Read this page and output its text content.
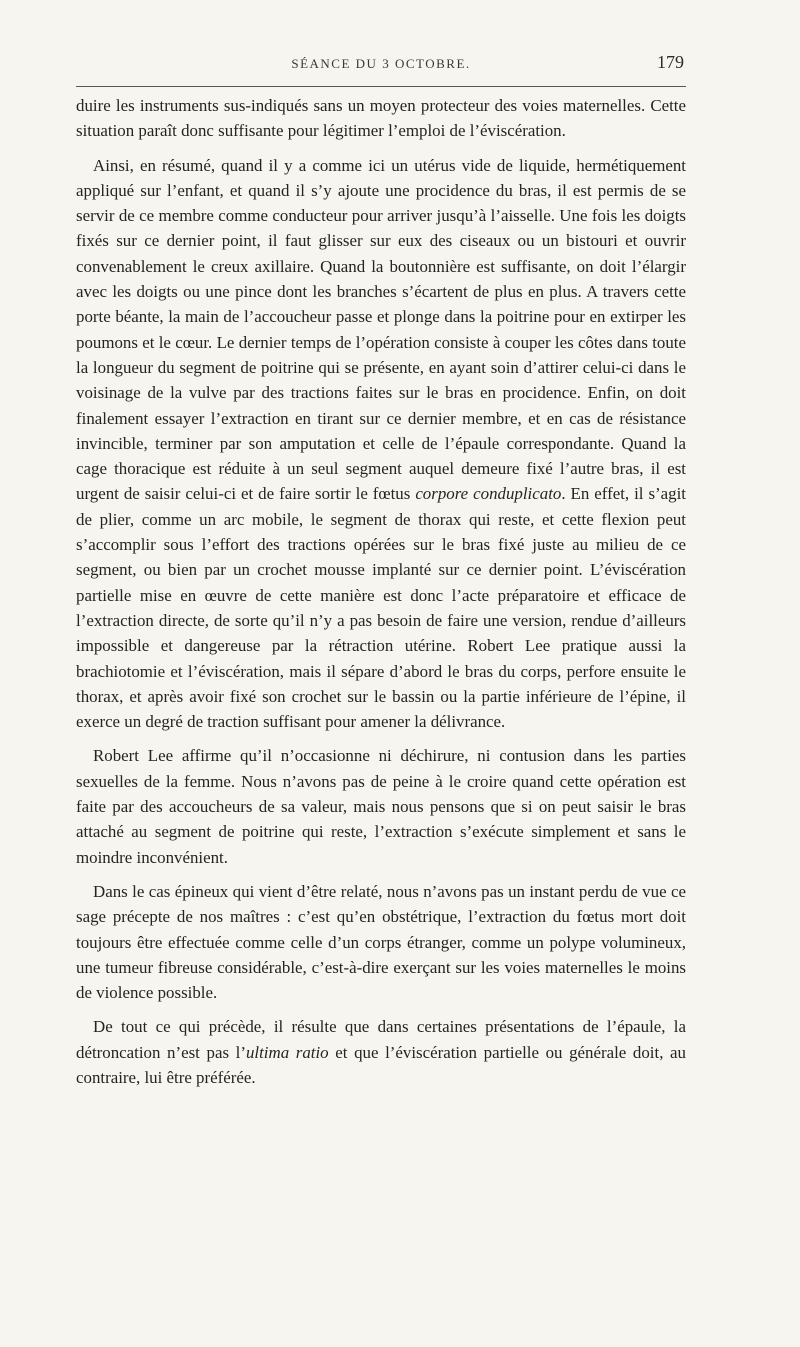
SÉANCE DU 3 OCTOBRE.	179

duire les instruments sus-indiqués sans un moyen protecteur des voies maternelles. Cette situation paraît donc suffisante pour légitimer l’emploi de l’éviscération.

Ainsi, en résumé, quand il y a comme ici un utérus vide de liquide, hermétiquement appliqué sur l’enfant, et quand il s’y ajoute une procidence du bras, il est permis de se servir de ce membre comme conducteur pour arriver jusqu’à l’aisselle. Une fois les doigts fixés sur ce dernier point, il faut glisser sur eux des ciseaux ou un bistouri et ouvrir convenablement le creux axillaire. Quand la boutonnière est suffisante, on doit l’élargir avec les doigts ou une pince dont les branches s’écartent de plus en plus. A travers cette porte béante, la main de l’accoucheur passe et plonge dans la poitrine pour en extirper les poumons et le cœur. Le dernier temps de l’opération consiste à couper les côtes dans toute la longueur du segment de poitrine qui se présente, en ayant soin d’attirer celui-ci dans le voisinage de la vulve par des tractions faites sur le bras en procidence. Enfin, on doit finalement essayer l’extraction en tirant sur ce dernier membre, et en cas de résistance invincible, terminer par son amputation et celle de l’épaule correspondante. Quand la cage thoracique est réduite à un seul segment auquel demeure fixé l’autre bras, il est urgent de saisir celui-ci et de faire sortir le fœtus corpore conduplicato. En effet, il s’agit de plier, comme un arc mobile, le segment de thorax qui reste, et cette flexion peut s’accomplir sous l’effort des tractions opérées sur le bras fixé juste au milieu de ce segment, ou bien par un crochet mousse implanté sur ce dernier point. L’éviscération partielle mise en œuvre de cette manière est donc l’acte préparatoire et efficace de l’extraction directe, de sorte qu’il n’y a pas besoin de faire une version, rendue d’ailleurs impossible et dangereuse par la rétraction utérine. Robert Lee pratique aussi la brachiotomie et l’éviscération, mais il sépare d’abord le bras du corps, perfore ensuite le thorax, et après avoir fixé son crochet sur le bassin ou la partie inférieure de l’épine, il exerce un degré de traction suffisant pour amener la délivrance.

Robert Lee affirme qu’il n’occasionne ni déchirure, ni contusion dans les parties sexuelles de la femme. Nous n’avons pas de peine à le croire quand cette opération est faite par des accoucheurs de sa valeur, mais nous pensons que si on peut saisir le bras attaché au segment de poitrine qui reste, l’extraction s’exécute simplement et sans le moindre inconvénient.

Dans le cas épineux qui vient d’être relaté, nous n’avons pas un instant perdu de vue ce sage précepte de nos maîtres : c’est qu’en obstétrique, l’extraction du fœtus mort doit toujours être effectuée comme celle d’un corps étranger, comme un polype volumineux, une tumeur fibreuse considérable, c’est-à-dire exerçant sur les voies maternelles le moins de violence possible.

De tout ce qui précède, il résulte que dans certaines présentations de l’épaule, la détroncation n’est pas l’ultima ratio et que l’éviscération partielle ou générale doit, au contraire, lui être préférée.
